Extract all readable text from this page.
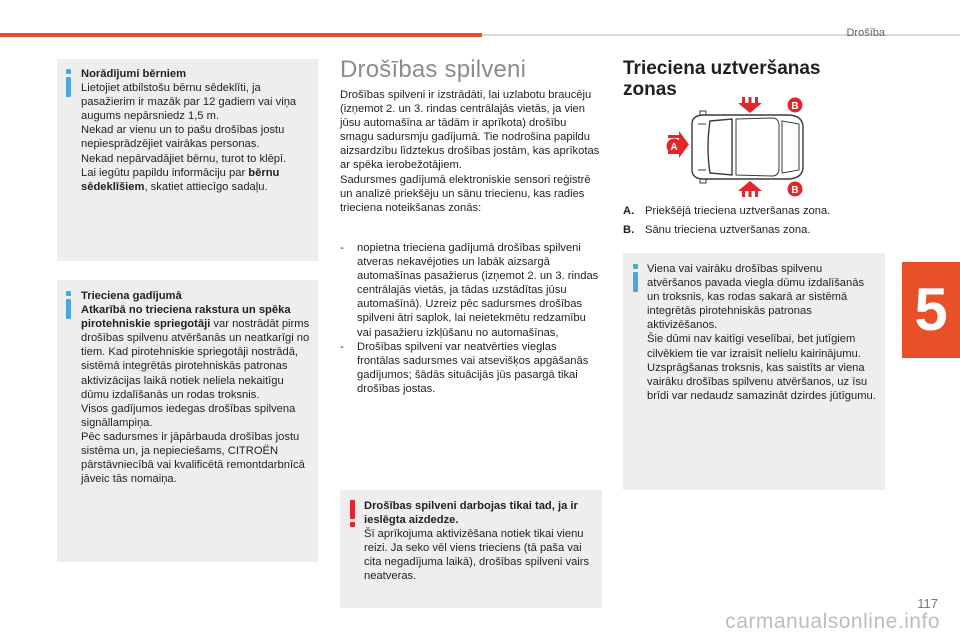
Drošība
5

Norādījumi bērniem

Lietojiet atbilstošu bērnu sēdeklīti, ja pasažierim ir mazāk par 12 gadiem vai viņa augums nepārsniedz 1,5 m.

Nekad ar vienu un to pašu drošības jostu nepiesprādzējiet vairākas personas.

Nekad nepārvadājiet bērnu, turot to klēpī.

Lai iegūtu papildu informāciju par bērnu sēdeklīšiem, skatiet attiecīgo sadaļu.

Trieciena gadījumā

Atkarībā no trieciena rakstura un spēka pirotehniskie spriegotāji var nostrādāt pirms drošības spilvenu atvēršanās un neatkarīgi no tiem. Kad pirotehniskie spriegotāji nostrādā, sistēmā integrētās pirotehniskās patronas aktivizācijas laikā notiek neliela nekaitīgu dūmu izdalīšanās un rodas troksnis.

Visos gadījumos iedegas drošības spilvena signāllampiņa.

Pēc sadursmes ir jāpārbauda drošības jostu sistēma un, ja nepieciešams, CITROËN pārstāvniecībā vai kvalificētā remontdarbnīcā jāveic tās nomaiņa.

Drošības spilveni

Drošības spilveni ir izstrādāti, lai uzlabotu braucēju (izņemot 2. un 3. rindas centrālajās vietās, ja vien jūsu automašīna ar tādām ir aprīkota) drošību smagu sadursmju gadījumā. Tie nodrošina papildu aizsardzību līdztekus drošības jostām, kas aprīkotas ar spēka ierobežotājiem.

Sadursmes gadījumā elektroniskie sensori reģistrē un analizē priekšēju un sānu triecienu, kas radies trieciena noteikšanas zonās:

- nopietna trieciena gadījumā drošības spilveni atveras nekavējoties un labāk aizsargā automašīnas pasažierus (izņemot 2. un 3. rindas centrālajās vietās, ja tādas uzstādītas jūsu automašīnā). Uzreiz pēc sadursmes drošības spilveni ātri saplok, lai neietekmētu redzamību vai pasažieru izkļūšanu no automašīnas,
- Drošības spilveni var neatvērties vieglas frontālas sadursmes vai atsevišķos apgāšanās gadījumos; šādās situācijās jūs pasargā tikai drošības jostas.

Drošības spilveni darbojas tikai tad, ja ir ieslēgta aizdedze.

Šī aprīkojuma aktivizēšana notiek tikai vienu reizi. Ja seko vēl viens trieciens (tā paša vai cita negadījuma laikā), drošības spilveni vairs neatveras.

Trieciena uztveršanas zonas
B
A
B
A. Priekšējā trieciena uztveršanas zona.
B. Sānu trieciena uztveršanas zona.

Viena vai vairāku drošības spilvenu atvēršanos pavada viegla dūmu izdalīšanās un troksnis, kas rodas sakarā ar sistēmā integrētās pirotehniskās patronas aktivizēšanos.

Šie dūmi nav kaitīgi veselībai, bet jutīgiem cilvēkiem tie var izraisīt nelielu kairinājumu.

Uzsprāgšanas troksnis, kas saistīts ar viena vairāku drošības spilvenu atvēršanos, uz īsu brīdi var nedaudz samazināt dzirdes jūtīgumu.

carmanualsonline.info
117
